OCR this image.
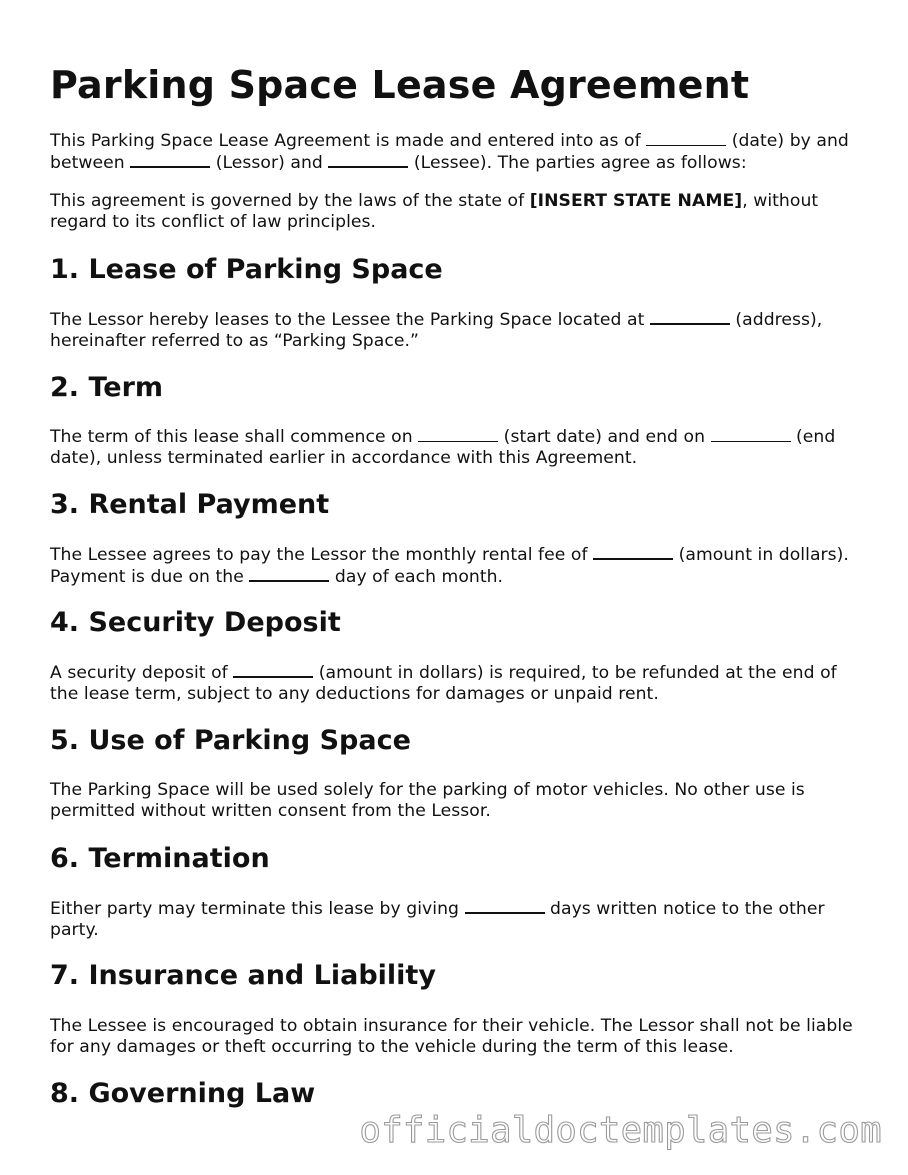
Parking Space Lease Agreement

This Parking Space Lease Agreement is made and entered into as of	(date) by and between	(Lessor) and	(Lessee). The parties agree as follows:

This agreement is governed by the laws of the state of [INSERT STATE NAME], without regard to its conflict of law principles.

1. Lease of Parking Space

The Lessor hereby leases to the Lessee the Parking Space located at	(address), hereinafter referred to as “Parking Space.”

2. Term

The term of this lease shall commence on	(start date) and end on	(end date), unless terminated earlier in accordance with this Agreement.

3. Rental Payment

The Lessee agrees to pay the Lessor the monthly rental fee of	(amount in dollars). Payment is due on the	day of each month.

4. Security Deposit

A security deposit of	(amount in dollars) is required, to be refunded at the end of the lease term, subject to any deductions for damages or unpaid rent.

5. Use of Parking Space

The Parking Space will be used solely for the parking of motor vehicles. No other use is permitted without written consent from the Lessor.

6. Termination

Either party may terminate this lease by giving	days written notice to the other party.

7. Insurance and Liability

The Lessee is encouraged to obtain insurance for their vehicle. The Lessor shall not be liable for any damages or theft occurring to the vehicle during the term of this lease.

8. Governing Law
officialdoctemplates.com
